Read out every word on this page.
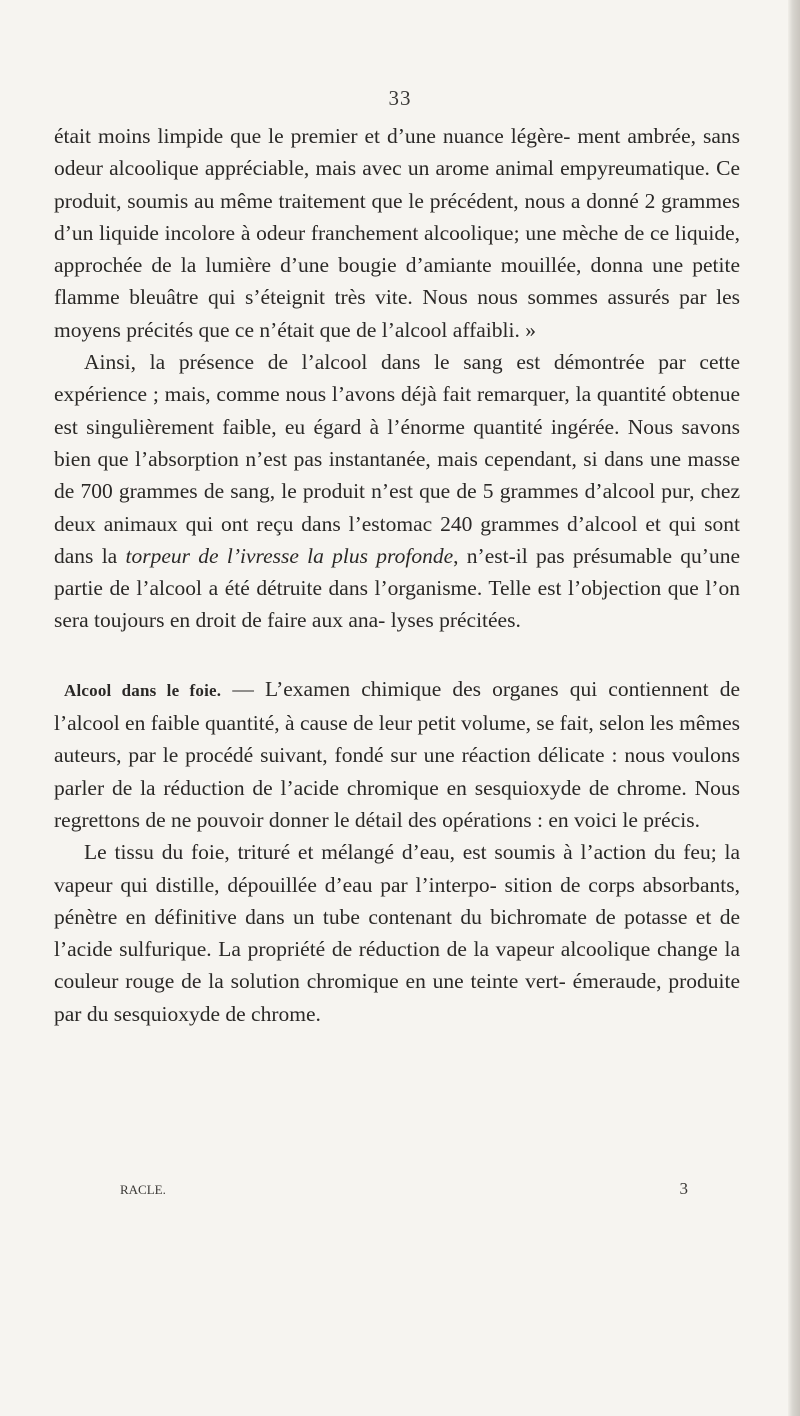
33

était moins limpide que le premier et d’une nuance légère- ment ambrée, sans odeur alcoolique appréciable, mais avec un arome animal empyreumatique. Ce produit, soumis au même traitement que le précédent, nous a donné 2 grammes d’un liquide incolore à odeur franchement alcoolique; une mèche de ce liquide, approchée de la lumière d’une bougie d’amiante mouillée, donna une petite flamme bleuâtre qui s’éteignit très vite. Nous nous sommes assurés par les moyens précités que ce n’était que de l’alcool affaibli. »

Ainsi, la présence de l’alcool dans le sang est démontrée par cette expérience ; mais, comme nous l’avons déjà fait remarquer, la quantité obtenue est singulièrement faible, eu égard à l’énorme quantité ingérée. Nous savons bien que l’absorption n’est pas instantanée, mais cependant, si dans une masse de 700 grammes de sang, le produit n’est que de 5 grammes d’alcool pur, chez deux animaux qui ont reçu dans l’estomac 240 grammes d’alcool et qui sont dans la torpeur de l’ivresse la plus profonde, n’est-il pas présumable qu’une partie de l’alcool a été détruite dans l’organisme. Telle est l’objection que l’on sera toujours en droit de faire aux ana- lyses précitées.

Alcool dans le foie. — L’examen chimique des organes qui contiennent de l’alcool en faible quantité, à cause de leur petit volume, se fait, selon les mêmes auteurs, par le procédé suivant, fondé sur une réaction délicate : nous voulons parler de la réduction de l’acide chromique en sesquioxyde de chrome. Nous regrettons de ne pouvoir donner le détail des opérations : en voici le précis.

Le tissu du foie, trituré et mélangé d’eau, est soumis à l’action du feu; la vapeur qui distille, dépouillée d’eau par l’interpo- sition de corps absorbants, pénètre en définitive dans un tube contenant du bichromate de potasse et de l’acide sulfurique. La propriété de réduction de la vapeur alcoolique change la couleur rouge de la solution chromique en une teinte vert- émeraude, produite par du sesquioxyde de chrome.

RACLE.	3
